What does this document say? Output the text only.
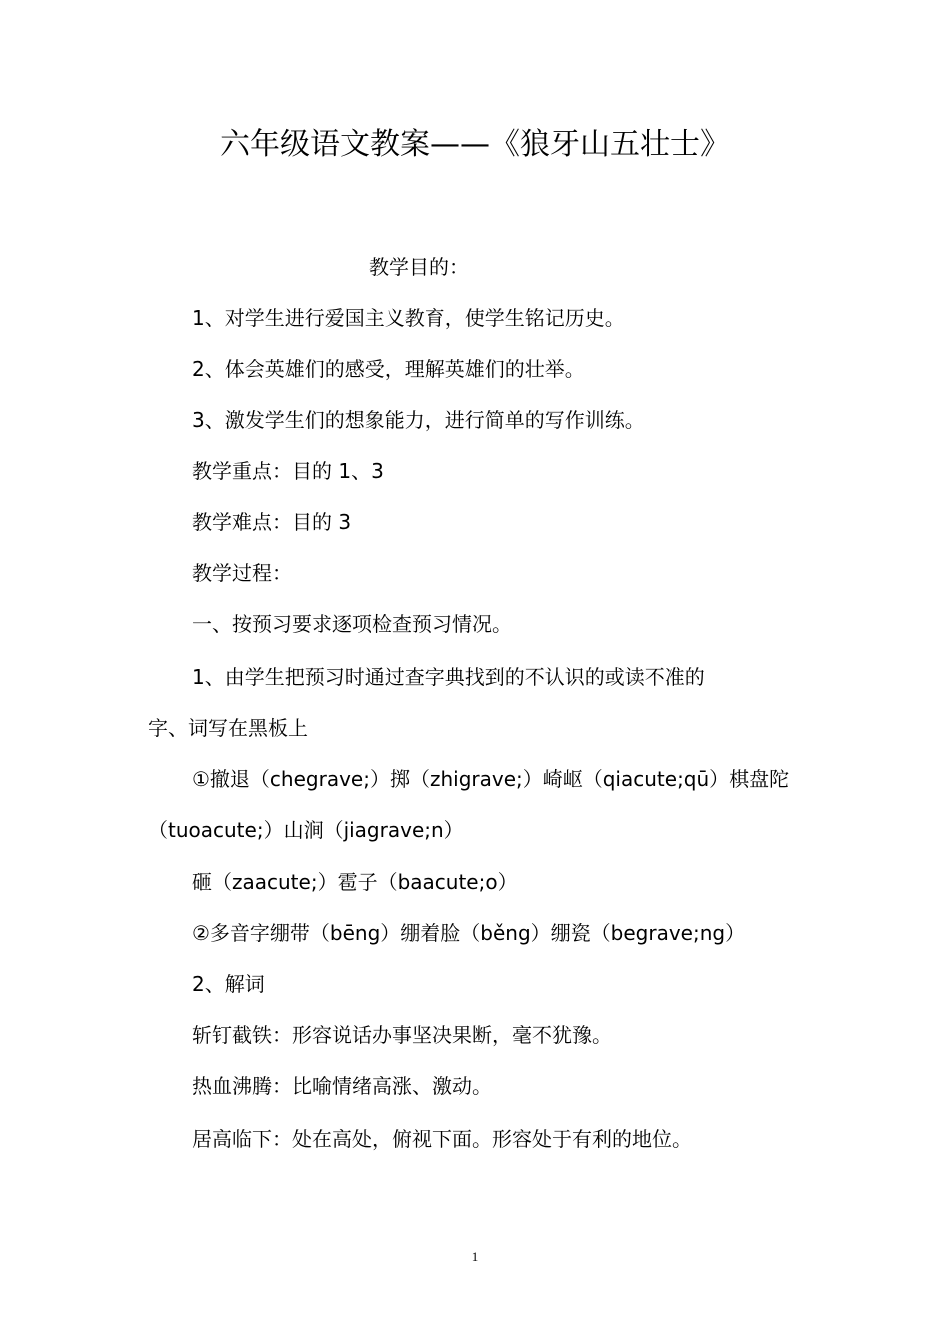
六年级语文教案——《狼牙山五壮士》
教学目的：
1、对学生进行爱国主义教育，使学生铭记历史。
2、体会英雄们的感受，理解英雄们的壮举。
3、激发学生们的想象能力，进行简单的写作训练。
教学重点：目的 1、3
教学难点：目的 3
教学过程：
一、按预习要求逐项检查预习情况。
1、由学生把预习时通过查字典找到的不认识的或读不准的
字、词写在黑板上
①撤退（chegrave;）掷（zhigrave;）崎岖（qiacute;qū）棋盘陀
（tuoacute;）山涧（jiagrave;n）
砸（zaacute;）雹子（baacute;o）
②多音字绷带（bēng）绷着脸（běng）绷瓷（begrave;ng）
2、解词
斩钉截铁：形容说话办事坚决果断，毫不犹豫。
热血沸腾：比喻情绪高涨、激动。
居高临下：处在高处，俯视下面。形容处于有利的地位。
1
